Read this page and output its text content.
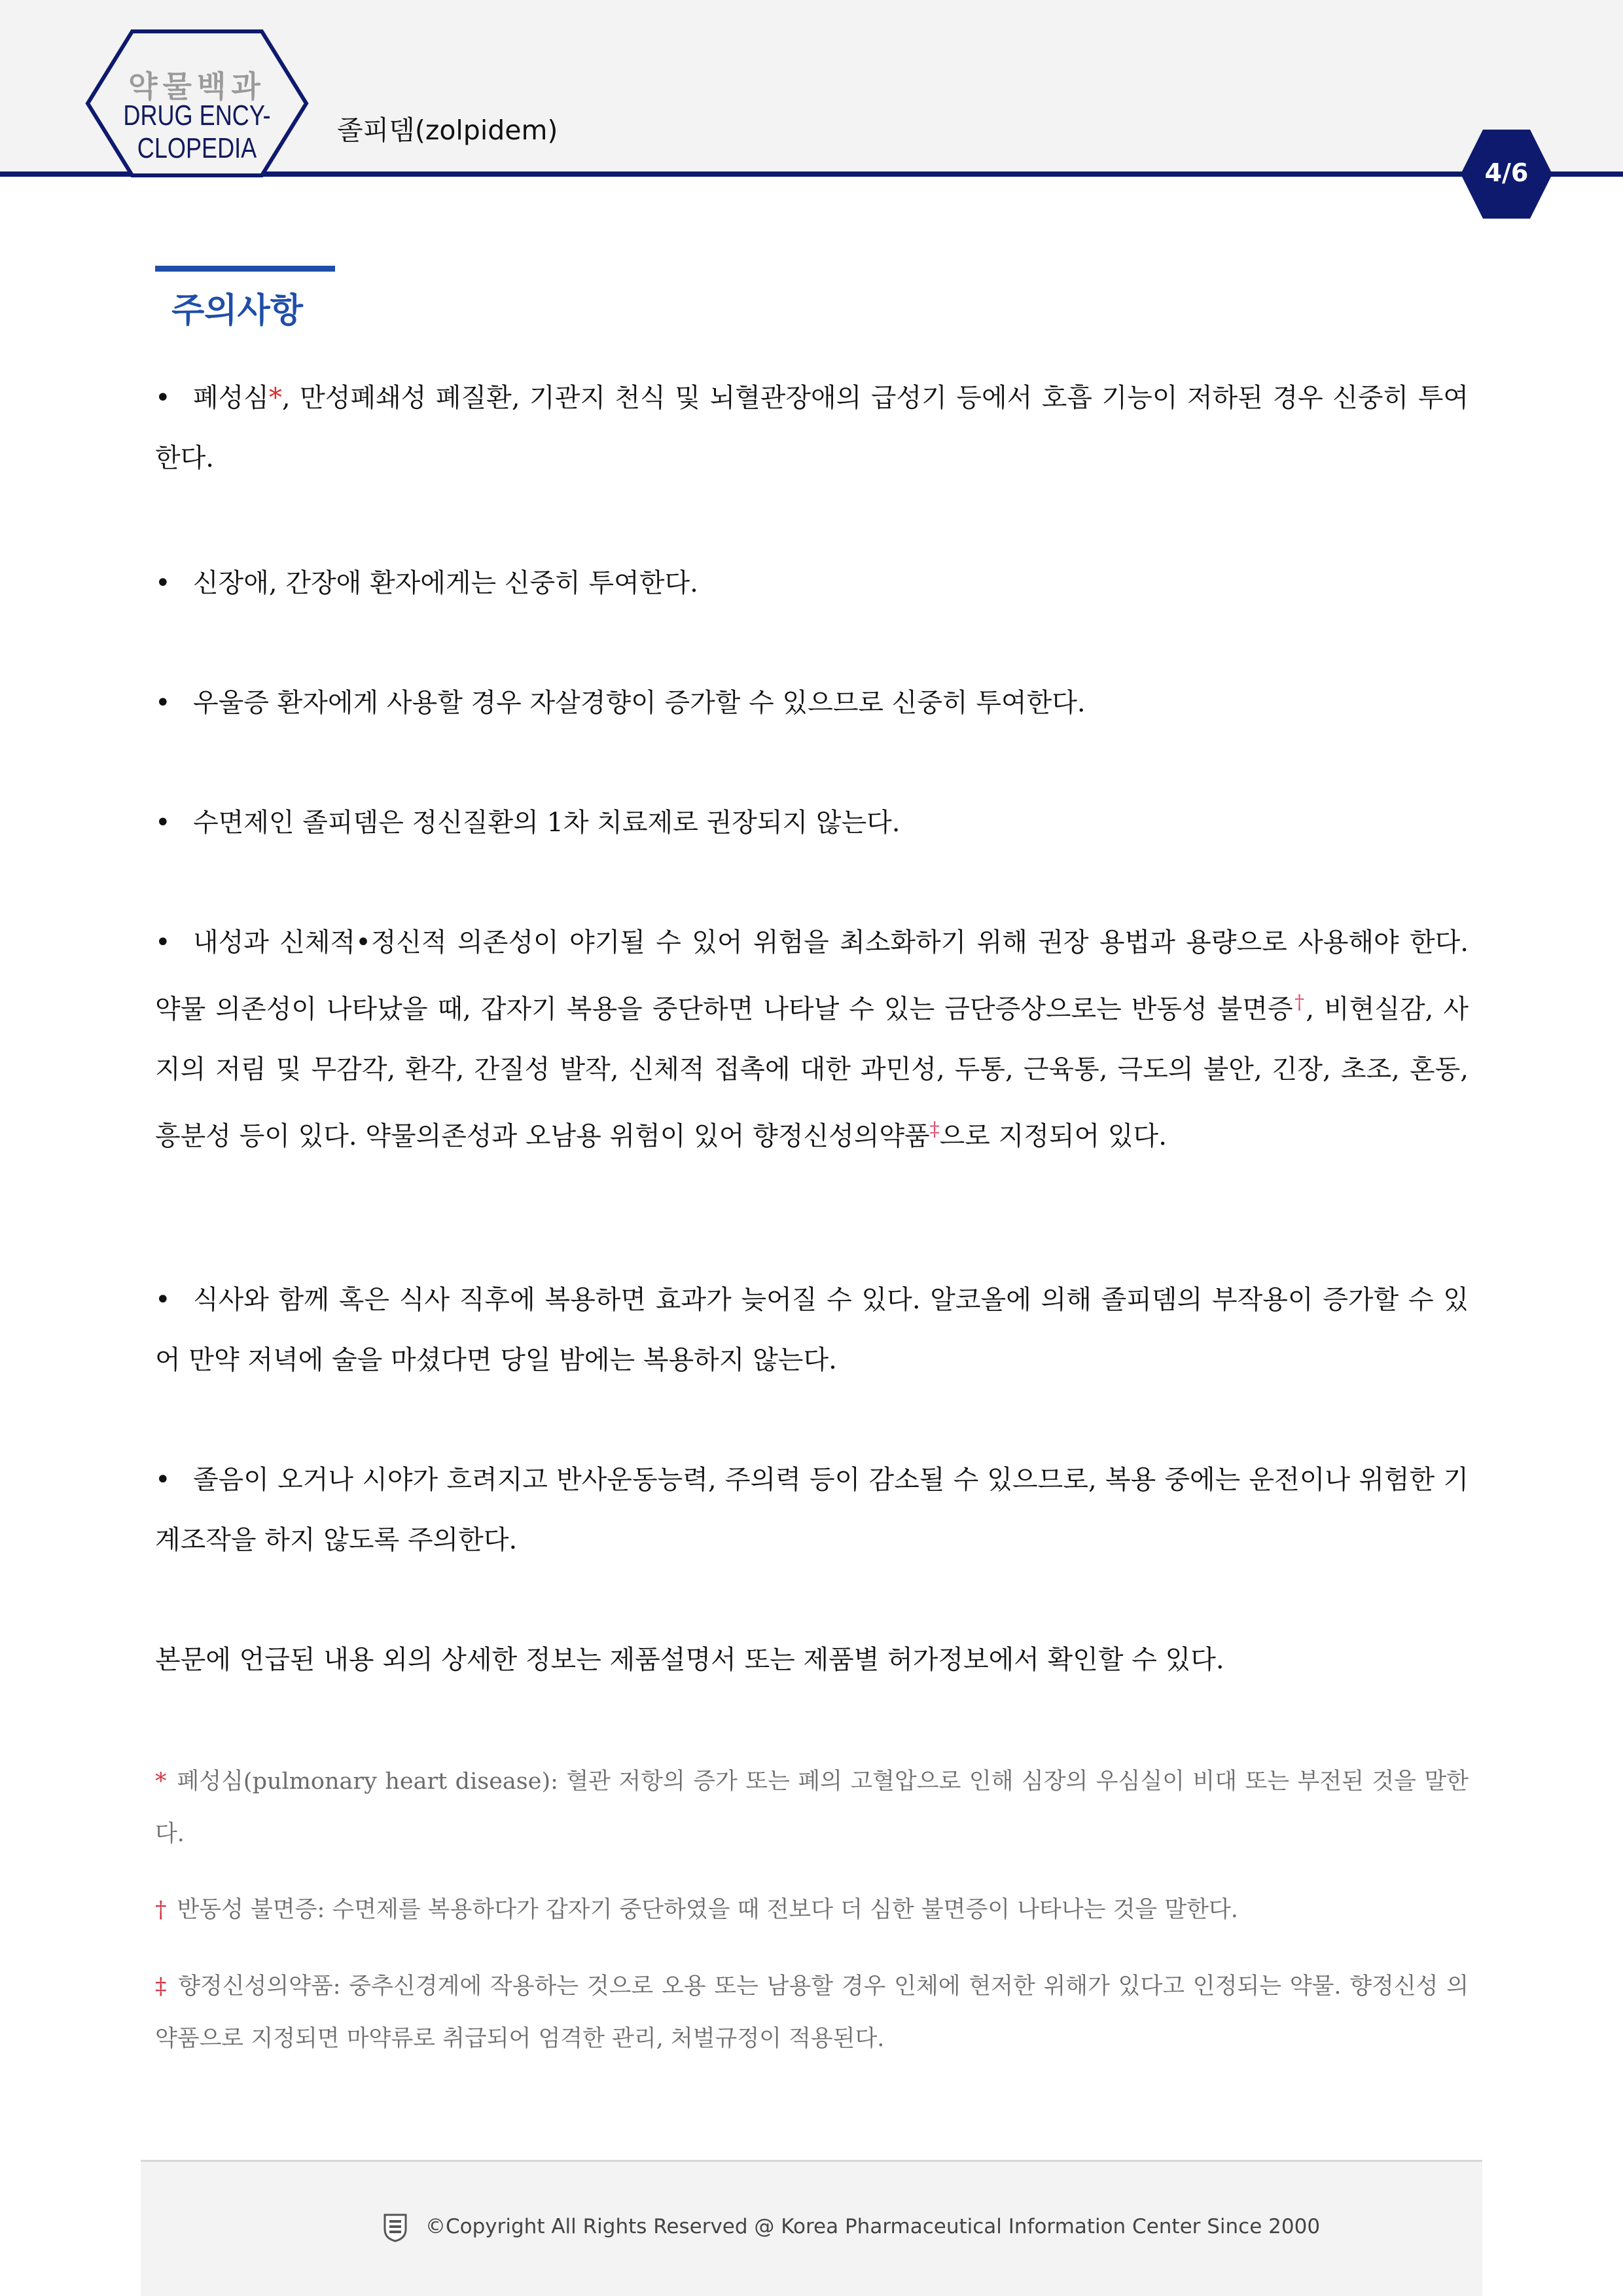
약물백과
DRUG ENCY-
CLOPEDIA
졸피뎀(zolpidem)
4/6
주의사항
• 폐성심*, 만성폐쇄성 폐질환, 기관지 천식 및 뇌혈관장애의 급성기 등에서 호흡 기능이 저하된 경우 신중히 투여한다.
• 신장애, 간장애 환자에게는 신중히 투여한다.
• 우울증 환자에게 사용할 경우 자살경향이 증가할 수 있으므로 신중히 투여한다.
• 수면제인 졸피뎀은 정신질환의 1차 치료제로 권장되지 않는다.
• 내성과 신체적•정신적 의존성이 야기될 수 있어 위험을 최소화하기 위해 권장 용법과 용량으로 사용해야 한다. 약물 의존성이 나타났을 때, 갑자기 복용을 중단하면 나타날 수 있는 금단증상으로는 반동성 불면증†, 비현실감, 사지의 저림 및 무감각, 환각, 간질성 발작, 신체적 접촉에 대한 과민성, 두통, 근육통, 극도의 불안, 긴장, 초조, 혼동, 흥분성 등이 있다. 약물의존성과 오남용 위험이 있어 향정신성의약품‡으로 지정되어 있다.
• 식사와 함께 혹은 식사 직후에 복용하면 효과가 늦어질 수 있다. 알코올에 의해 졸피뎀의 부작용이 증가할 수 있어 만약 저녁에 술을 마셨다면 당일 밤에는 복용하지 않는다.
• 졸음이 오거나 시야가 흐려지고 반사운동능력, 주의력 등이 감소될 수 있으므로, 복용 중에는 운전이나 위험한 기계조작을 하지 않도록 주의한다.
본문에 언급된 내용 외의 상세한 정보는 제품설명서 또는 제품별 허가정보에서 확인할 수 있다.
* 폐성심(pulmonary heart disease): 혈관 저항의 증가 또는 폐의 고혈압으로 인해 심장의 우심실이 비대 또는 부전된 것을 말한다.
† 반동성 불면증: 수면제를 복용하다가 갑자기 중단하였을 때 전보다 더 심한 불면증이 나타나는 것을 말한다.
‡ 향정신성의약품: 중추신경계에 작용하는 것으로 오용 또는 남용할 경우 인체에 현저한 위해가 있다고 인정되는 약물. 향정신성 의약품으로 지정되면 마약류로 취급되어 엄격한 관리, 처벌규정이 적용된다.
©Copyright All Rights Reserved @ Korea Pharmaceutical Information Center Since 2000
